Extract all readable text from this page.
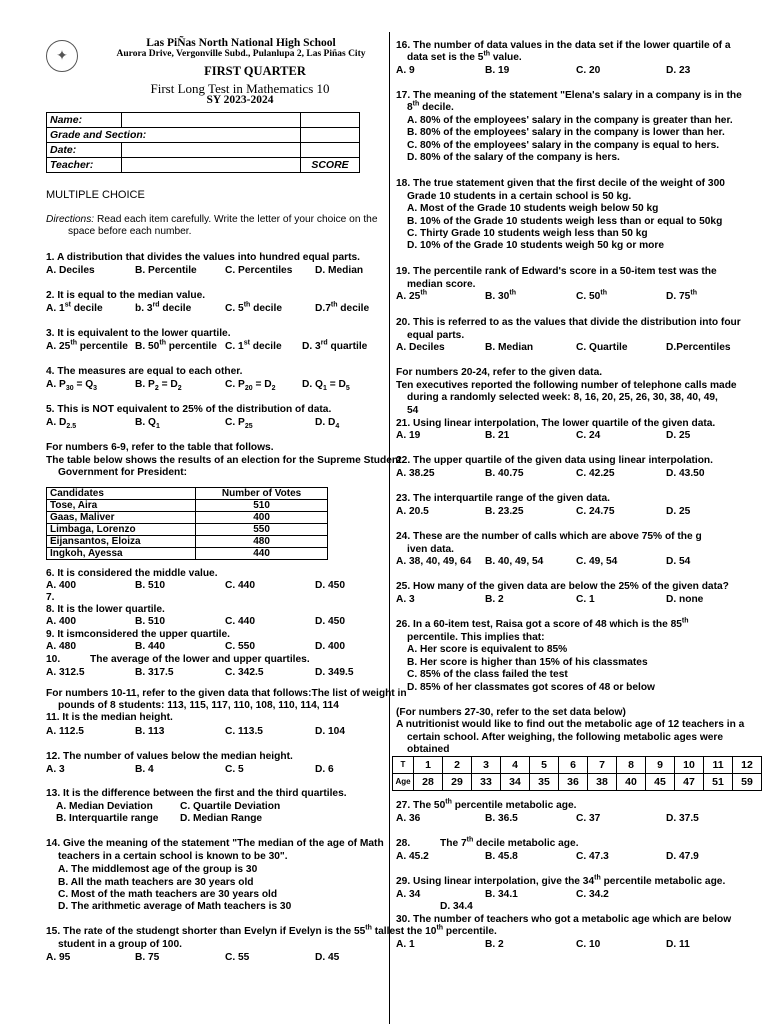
✦
Las PiÑas North National High School
Aurora Drive, Vergonville Subd., Pulanlupa 2, Las Piñas City
FIRST QUARTER
First Long Test in Mathematics 10
SY 2023-2024
Name:		
Grade and Section:		
Date:		
Teacher:		SCORE
MULTIPLE CHOICE
Directions: Read each item carefully. Write the letter of your choice on the
space before each number.
1. A distribution that divides the values into hundred equal parts.
A. Deciles	B. Percentile	C. Percentiles D. Median
2. It is equal to the median value.
A. 1st decile	b. 3rd decile	C. 5th decile	D.7th decile
3. It is equivalent to the lower quartile.
A. 25th percentile B. 50th percentile C. 1st decile D. 3rd quartile
4. The measures are equal to each other.
A. $P_{30} = Q_3$	B. $P_2 = D_2$	C. $P_{20} = D_2$	D. $Q_1 = D_5$
5. This is NOT equivalent to 25% of the distribution of data.
A. $D_{2.5}$	B. $Q_1$	C. $P_{25}$	D. $D_4$
For numbers 6-9, refer to the table that follows.
The table below shows the results of an election for the Supreme Student
Government for President:
Candidates	Number of Votes
Tose, Aira	510
Gaas, Maliver	400
Limbaga, Lorenzo	550
Eijansantos, Eloiza	480
Ingkoh, Ayessa	440
6. It is considered the middle value.
A. 400	B. 510	C. 440	D. 450
7.
8. It is the lower quartile.
A. 400	B. 510	C. 440	D. 450
9. It ismconsidered the upper quartile.
A. 480	B. 440	C. 550	D. 400
10.	The average of the lower and upper quartiles.
A. 312.5	B. 317.5	C. 342.5	D. 349.5
For numbers 10-11, refer to the given data that follows:The list of weight in
pounds of 8 students: 113, 115, 117, 110, 108, 110, 114, 114
11. It is the median height.
A. 112.5	B. 113	C. 113.5	D. 104
12. The number of values below the median height.
A. 3	B. 4	C. 5	D. 6
13. It is the difference between the first and the third quartiles.
A. Median Deviation	C. Quartile Deviation
B. Interquartile range D. Median Range
14. Give the meaning of the statement "The median of the age of Math
teachers in a certain school is known to be 30".
A. The middlemost age of the group is 30
B. All the math teachers are 30 years old
C. Most of the math teachers are 30 years old
D. The arithmetic average of Math teachers is 30
15. The rate of the studengt shorter than Evelyn if Evelyn is the 55th tallest
student in a group of 100.
A. 95	B. 75	C. 55	D. 45
16. The number of data values in the data set if the lower quartile of a
data set is the 5th value.
A. 9	B. 19	C. 20	D. 23
17. The meaning of the statement "Elena's salary in a company is in the
8th decile.
A. 80% of the employees' salary in the company is greater than her.
B. 80% of the employees' salary in the company is lower than her.
C. 80% of the employees' salary in the company is equal to hers.
D. 80% of the salary of the company is hers.
18. The true statement given that the first decile of the weight of 300
Grade 10 students in a certain school is 50 kg.
A. Most of the Grade 10 students weigh below 50 kg
B. 10% of the Grade 10 students weigh less than or equal to 50kg
C. Thirty Grade 10 students weigh less than 50 kg
D. 10% of the Grade 10 students weigh 50 kg or more
19. The percentile rank of Edward's score in a 50-item test was the
median score.
A. 25th	B. 30th	C. 50th	D. 75th
20. This is referred to as the values that divide the distribution into four
equal parts.
A. Deciles	B. Median	C. Quartile	D.Percentiles
For numbers 20-24, refer to the given data.
Ten executives reported the following number of telephone calls made
during a randomly selected week: 8, 16, 20, 25, 26, 30, 38, 40, 49,
54
21. Using linear interpolation, The lower quartile of the given data.
A. 19	B. 21	C. 24	D. 25
22. The upper quartile of the given data using linear interpolation.
A. 38.25	B. 40.75	C. 42.25	D. 43.50
23. The interquartile range of the given data.
A. 20.5	B. 23.25	C. 24.75	D. 25
24. These are the number of calls which are above 75% of the g
iven data.
A. 38, 40, 49, 64 B. 40, 49, 54	C. 49, 54	D. 54
25. How many of the given data are below the 25% of the given data?
A. 3	B. 2	C. 1	D. none
26. In a 60-item test, Raisa got a score of 48 which is the 85th
percentile. This implies that:
A. Her score is equivalent to 85%
B. Her score is higher than 15% of his classmates
C. 85% of the class failed the test
D. 85% of her classmates got scores of 48 or below
(For numbers 27-30, refer to the set data below)
A nutritionist would like to find out the metabolic age of 12 teachers in a
certain school. After weighing, the following metabolic ages were
obtained
T	1	2	3	4	5	6	7	8	9	10	11	12
Age	28	29	33	34	35	36	38	40	45	47	51	59
27. The 50th percentile metabolic age.
A. 36	B. 36.5	C. 37	D. 37.5
28.	The 7th decile metabolic age.
A. 45.2	B. 45.8	C. 47.3	D. 47.9
29. Using linear interpolation, give the 34th percentile metabolic age.
A. 34	B. 34.1	C. 34.2
D. 34.4
30. The number of teachers who got a metabolic age which are below
the 10th percentile.
A. 1	B. 2	C. 10	D. 11
